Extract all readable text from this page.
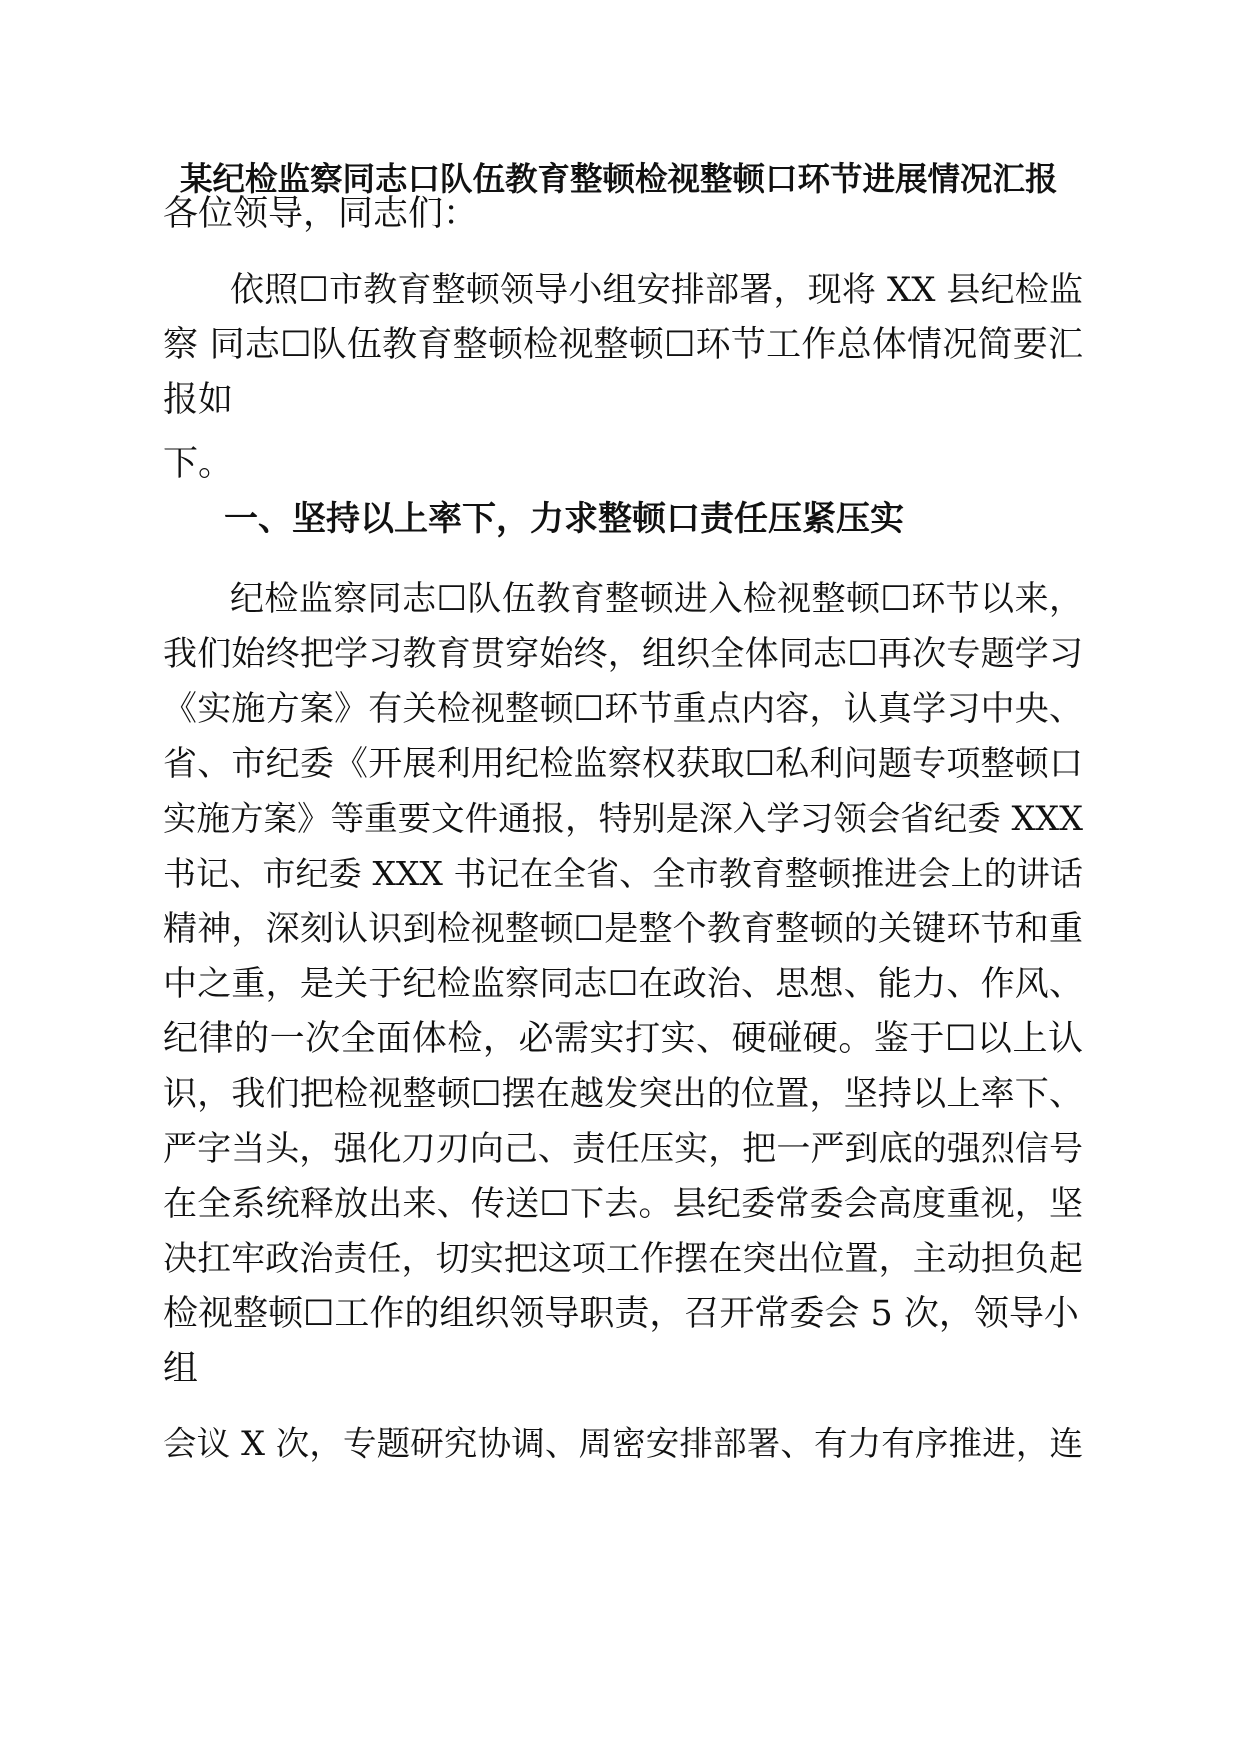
某纪检监察同志口队伍教育整顿检视整顿口环节进展情况汇报

各位领导，同志们：

依照☐市教育整顿领导小组安排部署，现将 XX 县纪检监

察 同志☐队伍教育整顿检视整顿☐环节工作总体情况简要汇

报如

下。

一、坚持以上率下，力求整顿口责任压紧压实

纪检监察同志☐队伍教育整顿进入检视整顿☐环节以来，

我们始终把学习教育贯穿始终，组织全体同志☐再次专题学习

《实施方案》有关检视整顿☐环节重点内容，认真学习中央、

省、市纪委《开展利用纪检监察权获取☐私利问题专项整顿口

实施方案》等重要文件通报，特别是深入学习领会省纪委 XXX

书记、市纪委 XXX 书记在全省、全市教育整顿推进会上的讲话

精神，深刻认识到检视整顿☐是整个教育整顿的关键环节和重

中之重，是关于纪检监察同志☐在政治、思想、能力、作风、

纪律的一次全面体检，必需实打实、硬碰硬。鉴于☐以上认

识，我们把检视整顿☐摆在越发突出的位置，坚持以上率下、

严字当头，强化刀刃向己、责任压实，把一严到底的强烈信号

在全系统释放出来、传送☐下去。县纪委常委会高度重视，坚

决扛牢政治责任，切实把这项工作摆在突出位置，主动担负起

检视整顿☐工作的组织领导职责，召开常委会 5 次，领导小

组

会议 X 次，专题研究协调、周密安排部署、有力有序推进，连
